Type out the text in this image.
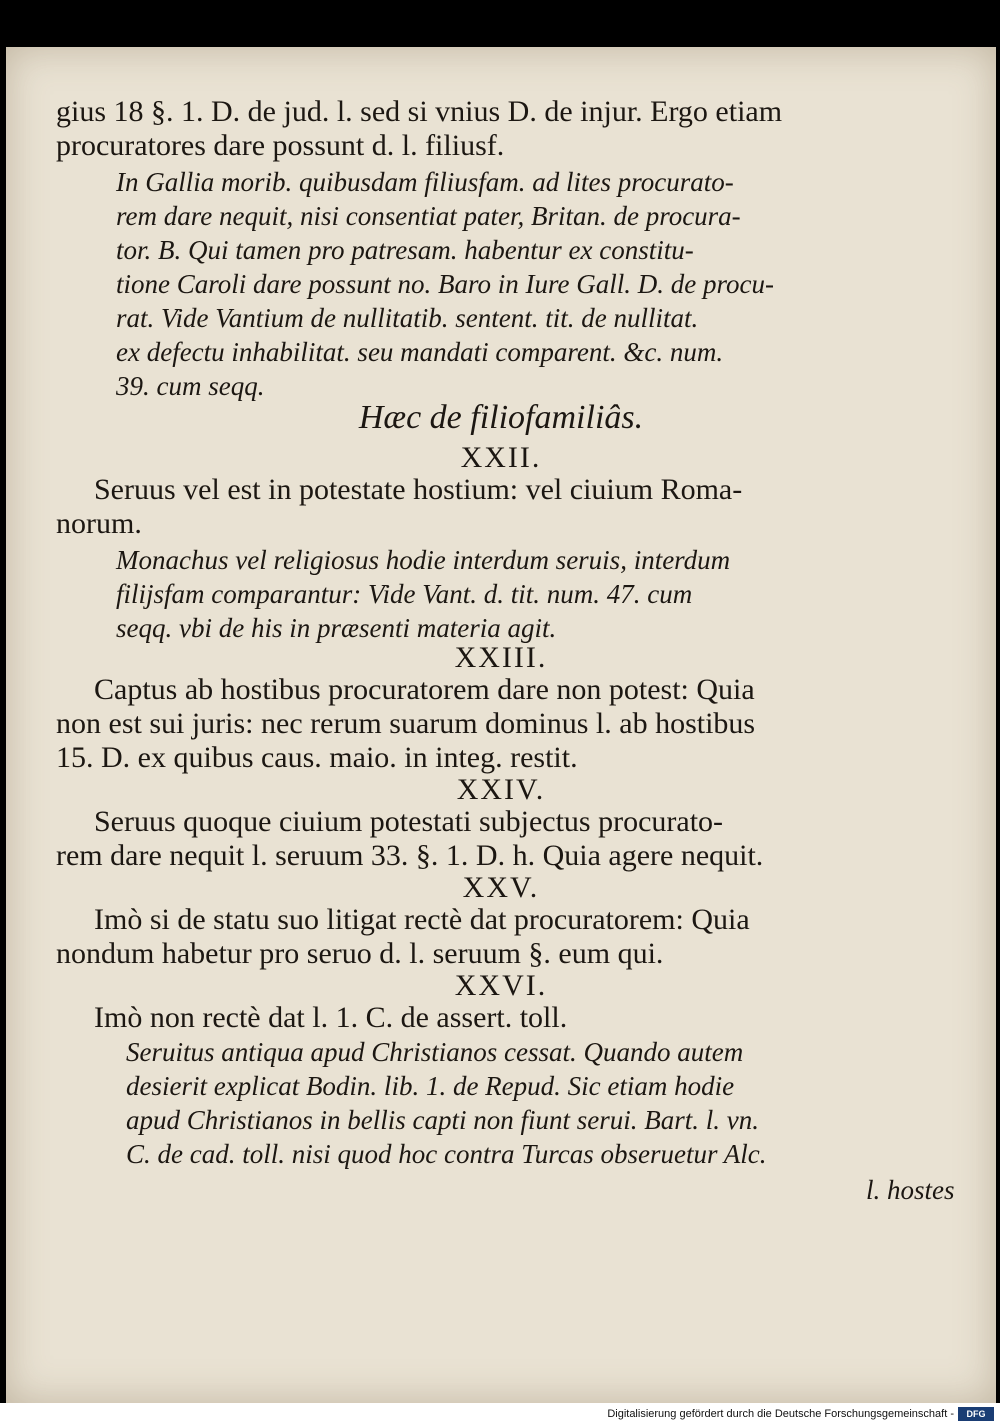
gius 18 §. 1. D. de jud. l. sed si vnius D. de injur. Ergo etiam
procuratores dare possunt d. l. filiusf.
In Gallia morib. quibusdam filiusfam. ad lites procurato-
rem dare nequit, nisi consentiat pater, Britan. de procura-
tor. B. Qui tamen pro patresam. habentur ex constitu-
tione Caroli dare possunt no. Baro in Iure Gall. D. de procu-
rat. Vide Vantium de nullitatib. sentent. tit. de nullitat.
ex defectu inhabilitat. seu mandati comparent. &c. num.
39. cum seqq.
Hæc de filiofamiliâs.
XXII.
Seruus vel est in potestate hostium: vel ciuium Roma-
norum.
Monachus vel religiosus hodie interdum seruis, interdum
filijsfam comparantur: Vide Vant. d. tit. num. 47. cum
seqq. vbi de his in præsenti materia agit.
XXIII.
Captus ab hostibus procuratorem dare non potest: Quia
non est sui juris: nec rerum suarum dominus l. ab hostibus
15. D. ex quibus caus. maio. in integ. restit.
XXIV.
Seruus quoque ciuium potestati subjectus procurato-
rem dare nequit l. seruum 33. §. 1. D. h. Quia agere nequit.
XXV.
Imò si de statu suo litigat rectè dat procuratorem: Quia
nondum habetur pro seruo d. l. seruum §. eum qui.
XXVI.
Imò non rectè dat l. 1. C. de assert. toll.
Seruitus antiqua apud Christianos cessat. Quando autem
desierit explicat Bodin. lib. 1. de Repud. Sic etiam hodie
apud Christianos in bellis capti non fiunt serui. Bart. l. vn.
C. de cad. toll. nisi quod hoc contra Turcas obseruetur Alc.
l. hostes
Digitalisierung gefördert durch die Deutsche Forschungsgemeinschaft -	DFG
